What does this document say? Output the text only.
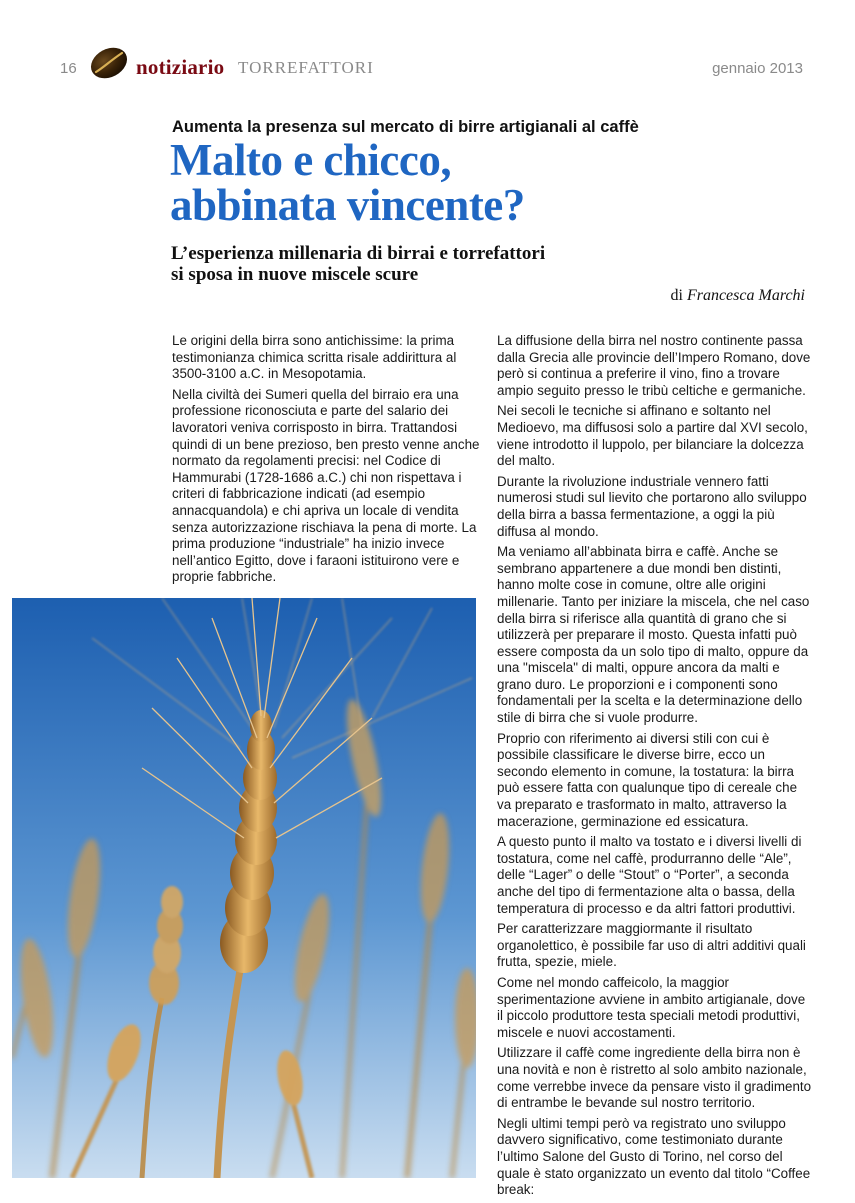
16	notiziario TORREFATTORI	gennaio 2013
Aumenta la presenza sul mercato di birre artigianali al caffè
Malto e chicco,
abbinata vincente?
L’esperienza millenaria di birrai e torrefattori
si sposa in nuove miscele scure
di Francesca Marchi

Le origini della birra sono antichissime: la prima testimonianza chimica scritta risale addirittura al 3500-3100 a.C. in Mesopotamia.

Nella civiltà dei Sumeri quella del birraio era una professione riconosciuta e parte del salario dei lavoratori veniva corrisposto in birra. Trattandosi quindi di un bene prezioso, ben presto venne anche normato da regolamenti precisi: nel Codice di Hammurabi (1728-1686 a.C.) chi non rispettava i criteri di fabbricazione indicati (ad esempio annacquandola) e chi apriva un locale di vendita senza autorizzazione rischiava la pena di morte. La prima produzione “industriale” ha inizio invece nell’antico Egitto, dove i faraoni istituirono vere e proprie fabbriche.

La diffusione della birra nel nostro continente passa dalla Grecia alle provincie dell’Impero Romano, dove però si continua a preferire il vino, fino a trovare ampio seguito presso le tribù celtiche e germaniche.

Nei secoli le tecniche si affinano e soltanto nel Medioevo, ma diffusosi solo a partire dal XVI secolo, viene introdotto il luppolo, per bilanciare la dolcezza del malto.

Durante la rivoluzione industriale vennero fatti numerosi studi sul lievito che portarono allo sviluppo della birra a bassa fermentazione, a oggi la più diffusa al mondo.

Ma veniamo all’abbinata birra e caffè. Anche se sembrano appartenere a due mondi ben distinti, hanno molte cose in comune, oltre alle origini millenarie. Tanto per iniziare la miscela, che nel caso della birra si riferisce alla quantità di grano che si utilizzerà per preparare il mosto. Questa infatti può essere composta da un solo tipo di malto, oppure da una "miscela" di malti, oppure ancora da malti e grano duro. Le proporzioni e i componenti sono fondamentali per la scelta e la determinazione dello stile di birra che si vuole produrre.

Proprio con riferimento ai diversi stili con cui è possibile classificare le diverse birre, ecco un secondo elemento in comune, la tostatura: la birra può essere fatta con qualunque tipo di cereale che va preparato e trasformato in malto, attraverso la macerazione, germinazione ed essicatura.

A questo punto il malto va tostato e i diversi livelli di tostatura, come nel caffè, produrranno delle “Ale”, delle “Lager” o delle “Stout” o “Porter”, a seconda anche del tipo di fermentazione alta o bassa, della temperatura di processo e da altri fattori produttivi.

Per caratterizzare maggiormante il risultato organolettico, è possibile far uso di altri additivi quali frutta, spezie, miele.

Come nel mondo caffeicolo, la maggior sperimentazione avviene in ambito artigianale, dove il piccolo produttore testa speciali metodi produttivi, miscele e nuovi accostamenti.

Utilizzare il caffè come ingrediente della birra non è una novità e non è ristretto al solo ambito nazionale, come verrebbe invece da pensare visto il gradimento di entrambe le bevande sul nostro territorio.

Negli ultimi tempi però va registrato uno sviluppo davvero significativo, come testimoniato durante l’ultimo Salone del Gusto di Torino, nel corso del quale è stato organizzato un evento dal titolo “Coffee break:
